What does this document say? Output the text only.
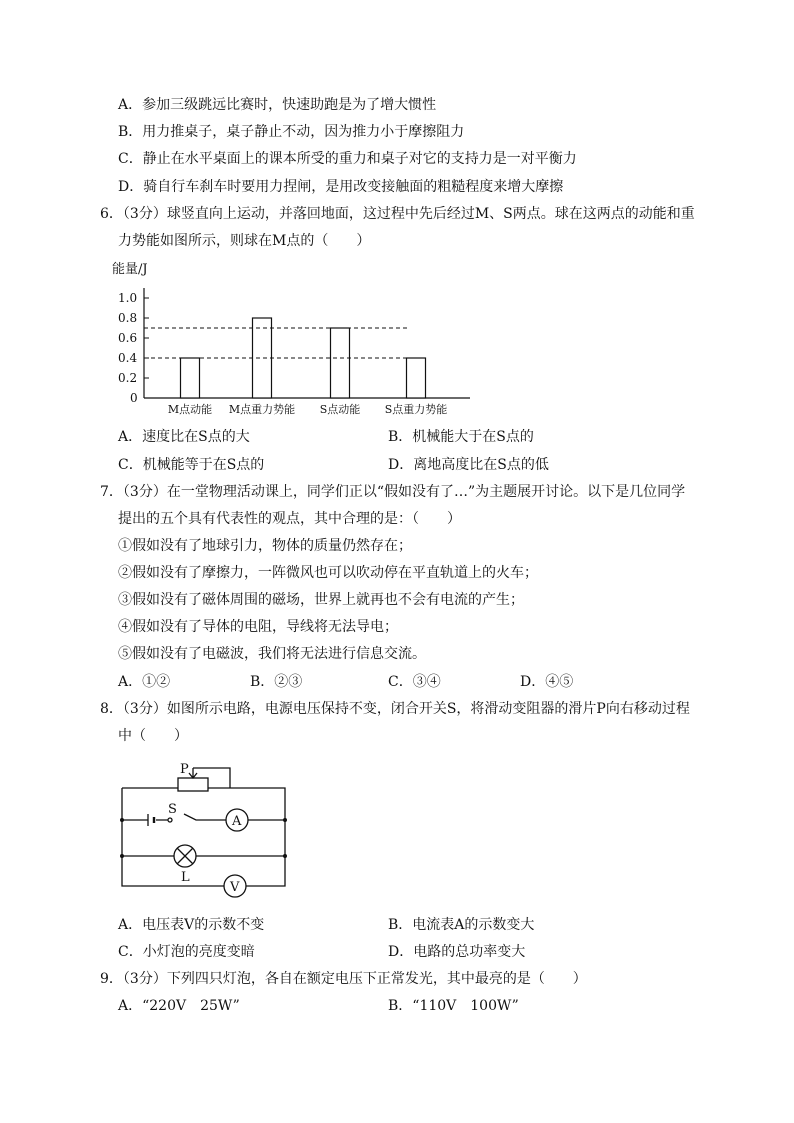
A．参加三级跳远比赛时，快速助跑是为了增大惯性
B．用力推桌子，桌子静止不动，因为推力小于摩擦阻力
C．静止在水平桌面上的课本所受的重力和桌子对它的支持力是一对平衡力
D．骑自行车刹车时要用力捏闸，是用改变接触面的粗糙程度来增大摩擦
6．（3分）球竖直向上运动，并落回地面，这过程中先后经过M、S两点。球在这两点的动能和重
力势能如图所示，则球在M点的（　　）
能量/J
0
0.2
0.4
0.6
0.8
1.0
M点动能 M点重力势能 S点动能 S点重力势能
A．速度比在S点的大	B．机械能大于在S点的
C．机械能等于在S点的	D．离地高度比在S点的低
7．（3分）在一堂物理活动课上，同学们正以“假如没有了…”为主题展开讨论。以下是几位同学
提出的五个具有代表性的观点，其中合理的是：（　　）
①假如没有了地球引力，物体的质量仍然存在；
②假如没有了摩擦力，一阵微风也可以吹动停在平直轨道上的火车；
③假如没有了磁体周围的磁场，世界上就再也不会有电流的产生；
④假如没有了导体的电阻，导线将无法导电；
⑤假如没有了电磁波，我们将无法进行信息交流。
A．①②	B．②③	C．③④	D．④⑤
8．（3分）如图所示电路，电源电压保持不变，闭合开关S，将滑动变阻器的滑片P向右移动过程
中（　　）
P
S
A
L
V
A．电压表V的示数不变	B．电流表A的示数变大
C．小灯泡的亮度变暗	D．电路的总功率变大
9．（3分）下列四只灯泡，各自在额定电压下正常发光，其中最亮的是（　　）
A．“220V　25W”	B．“110V　100W”
